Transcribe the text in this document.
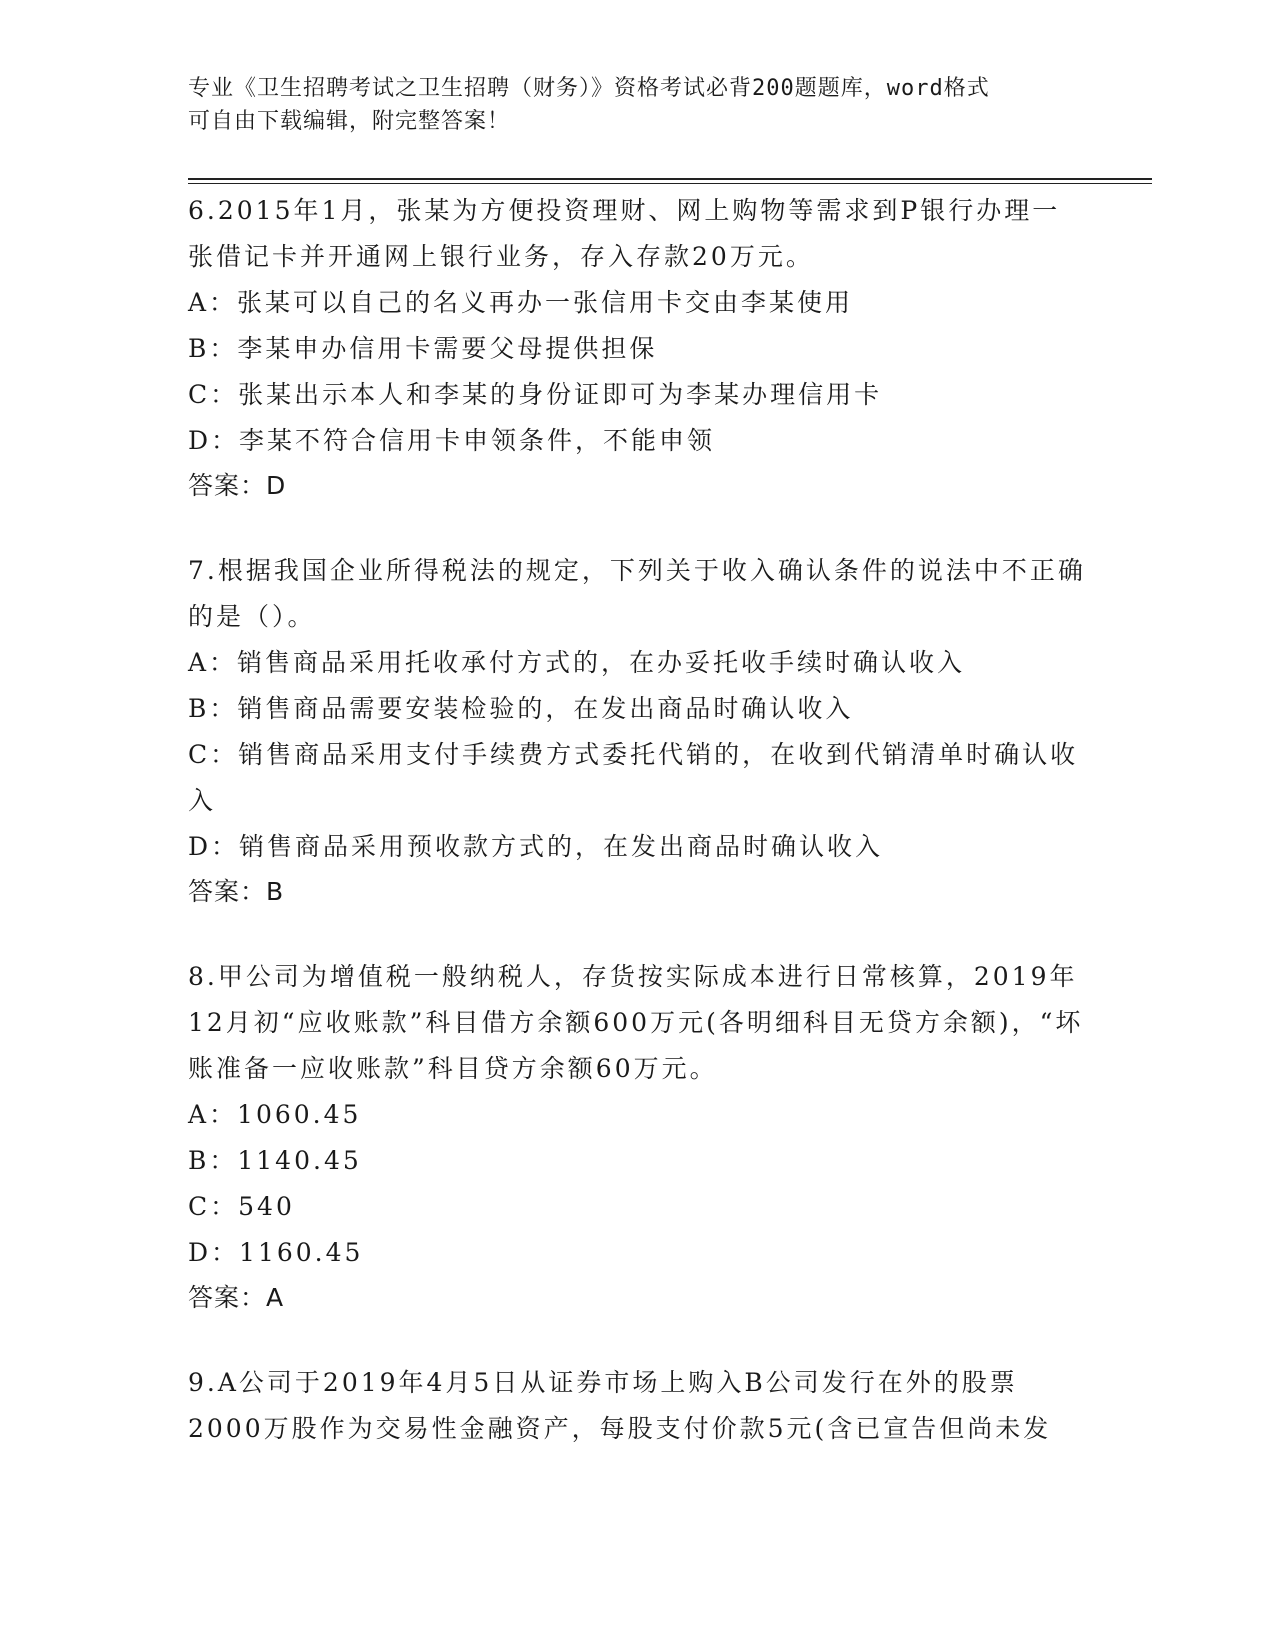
专业《卫生招聘考试之卫生招聘（财务）》资格考试必背200题题库，word格式
可自由下载编辑，附完整答案！
6.2015年1月，张某为方便投资理财、网上购物等需求到P银行办理一张借记卡并开通网上银行业务，存入存款20万元。
A：张某可以自己的名义再办一张信用卡交由李某使用
B：李某申办信用卡需要父母提供担保
C：张某出示本人和李某的身份证即可为李某办理信用卡
D：李某不符合信用卡申领条件，不能申领
答案：D
7.根据我国企业所得税法的规定，下列关于收入确认条件的说法中不正确的是（）。
A：销售商品采用托收承付方式的，在办妥托收手续时确认收入
B：销售商品需要安装检验的，在发出商品时确认收入
C：销售商品采用支付手续费方式委托代销的，在收到代销清单时确认收入
D：销售商品采用预收款方式的，在发出商品时确认收入
答案：B
8.甲公司为增值税一般纳税人，存货按实际成本进行日常核算，2019年12月初“应收账款”科目借方余额600万元(各明细科目无贷方余额)，“坏账准备一应收账款”科目贷方余额60万元。
A：1060.45
B：1140.45
C：540
D：1160.45
答案：A
9.A公司于2019年4月5日从证券市场上购入B公司发行在外的股票2000万股作为交易性金融资产，每股支付价款5元(含已宣告但尚未发
